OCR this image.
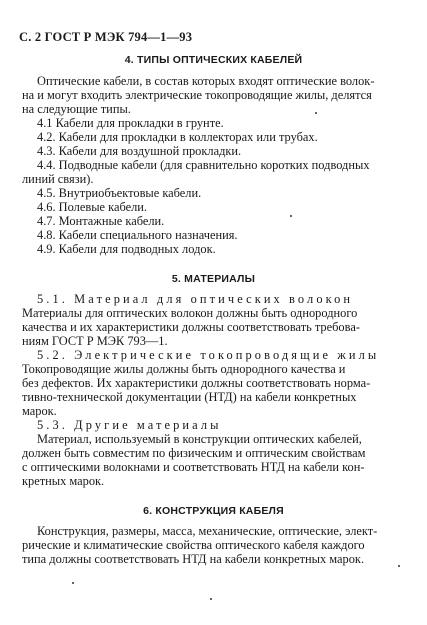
С. 2 ГОСТ Р МЭК 794—1—93
4. ТИПЫ ОПТИЧЕСКИХ КАБЕЛЕЙ

Оптические кабели, в состав которых входят оптические волок-

на и могут входить электрические токопроводящие жилы, делятся

на следующие типы.

4.1 Кабели для прокладки в грунте.

4.2. Кабели для прокладки в коллекторах или трубах.

4.3. Кабели для воздушной прокладки.

4.4. Подводные кабели (для сравнительно коротких подводных

линий связи).

4.5. Внутриобъектовые кабели.

4.6. Полевые кабели.

4.7. Монтажные кабели.

4.8. Кабели специального назначения.

4.9. Кабели для подводных лодок.

5. МАТЕРИАЛЫ

5.1. Материал для оптических волокон

Материалы для оптических волокон должны быть однородного

качества и их характеристики должны соответствовать требова-

ниям ГОСТ Р МЭК 793—1.

5.2. Электрические токопроводящие жилы

Токопроводящие жилы должны быть однородного качества и

без дефектов. Их характеристики должны соответствовать норма-

тивно-технической документации (НТД) на кабели конкретных

марок.

5.3. Другие материалы

Материал, используемый в конструкции оптических кабелей,

должен быть совместим по физическим и оптическим свойствам

с оптическими волокнами и соответствовать НТД на кабели кон-

кретных марок.

6. КОНСТРУКЦИЯ КАБЕЛЯ

Конструкция, размеры, масса, механические, оптические, элект-

рические и климатические свойства оптического кабеля каждого

типа должны соответствовать НТД на кабели конкретных марок.
